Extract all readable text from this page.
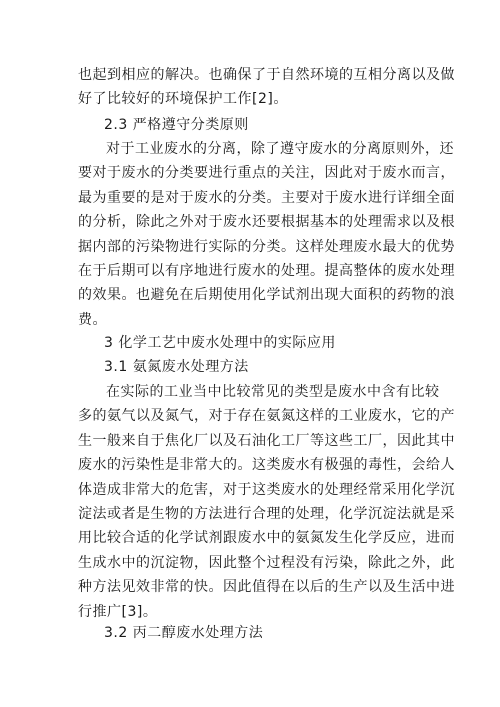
也起到相应的解决。也确保了于自然环境的互相分离以及做

好了比较好的环境保护工作[2]。

2.3 严格遵守分类原则

对于工业废水的分离，除了遵守废水的分离原则外，还

要对于废水的分类要进行重点的关注，因此对于废水而言，

最为重要的是对于废水的分类。主要对于废水进行详细全面

的分析，除此之外对于废水还要根据基本的处理需求以及根

据内部的污染物进行实际的分类。这样处理废水最大的优势

在于后期可以有序地进行废水的处理。提高整体的废水处理

的效果。也避免在后期使用化学试剂出现大面积的药物的浪

费。

3 化学工艺中废水处理中的实际应用
3.1 氨氮废水处理方法

在实际的工业当中比较常见的类型是废水中含有比较

多的氨气以及氮气，对于存在氨氮这样的工业废水，它的产

生一般来自于焦化厂以及石油化工厂等这些工厂，因此其中

废水的污染性是非常大的。这类废水有极强的毒性，会给人

体造成非常大的危害，对于这类废水的处理经常采用化学沉

淀法或者是生物的方法进行合理的处理，化学沉淀法就是采

用比较合适的化学试剂跟废水中的氨氮发生化学反应，进而

生成水中的沉淀物，因此整个过程没有污染，除此之外，此

种方法见效非常的快。因此值得在以后的生产以及生活中进

行推广[3]。

3.2 丙二醇废水处理方法
